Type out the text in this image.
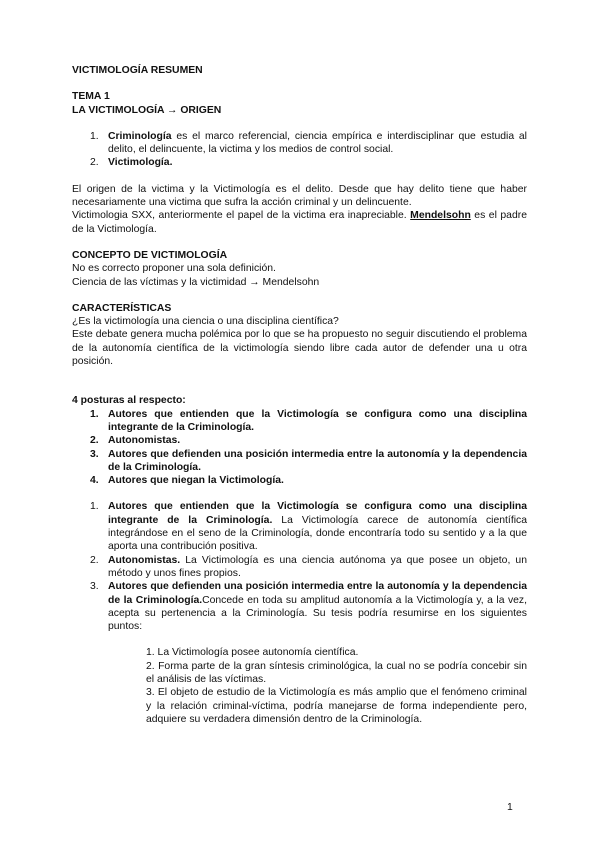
VICTIMOLOGÍA RESUMEN

TEMA 1

LA VICTIMOLOGÍA → ORIGEN

1. Criminología es el marco referencial, ciencia empírica e interdisciplinar que estudia al delito, el delincuente, la victima y los medios de control social.
2. Victimología.

El origen de la victima y la Victimología es el delito. Desde que hay delito tiene que haber necesariamente una victima que sufra la acción criminal y un delincuente.

Victimologia SXX, anteriormente el papel de la victima era inapreciable. Mendelsohn es el padre de la Victimología.

CONCEPTO DE VICTIMOLOGÍA

No es correcto proponer una sola definición.

Ciencia de las víctimas y la victimidad → Mendelsohn

CARACTERÍSTICAS

¿Es la victimología una ciencia o una disciplina científica?

Este debate genera mucha polémica por lo que se ha propuesto no seguir discutiendo el problema de la autonomía científica de la victimología siendo libre cada autor de defender una u otra posición.

4 posturas al respecto:

1. Autores que entienden que la Victimología se configura como una disciplina integrante de la Criminología.
2. Autonomistas.
3. Autores que defienden una posición intermedia entre la autonomía y la dependencia de la Criminología.
4. Autores que niegan la Victimología.
1. Autores que entienden que la Victimología se configura como una disciplina integrante de la Criminología. La Victimología carece de autonomía científica integrándose en el seno de la Criminología, donde encontraría todo su sentido y a la que aporta una contribución positiva.
2. Autonomistas. La Victimología es una ciencia autónoma ya que posee un objeto, un método y unos fines propios.
3. Autores que defienden una posición intermedia entre la autonomía y la dependencia de la Criminología.Concede en toda su amplitud autonomía a la Victimología y, a la vez, acepta su pertenencia a la Criminología. Su tesis podría resumirse en los siguientes puntos:

1. La Victimología posee autonomía científica.

2. Forma parte de la gran síntesis criminológica, la cual no se podría concebir sin el análisis de las víctimas.

3. El objeto de estudio de la Victimología es más amplio que el fenómeno criminal y la relación criminal-víctima, podría manejarse de forma independiente pero, adquiere su verdadera dimensión dentro de la Criminología.

1
